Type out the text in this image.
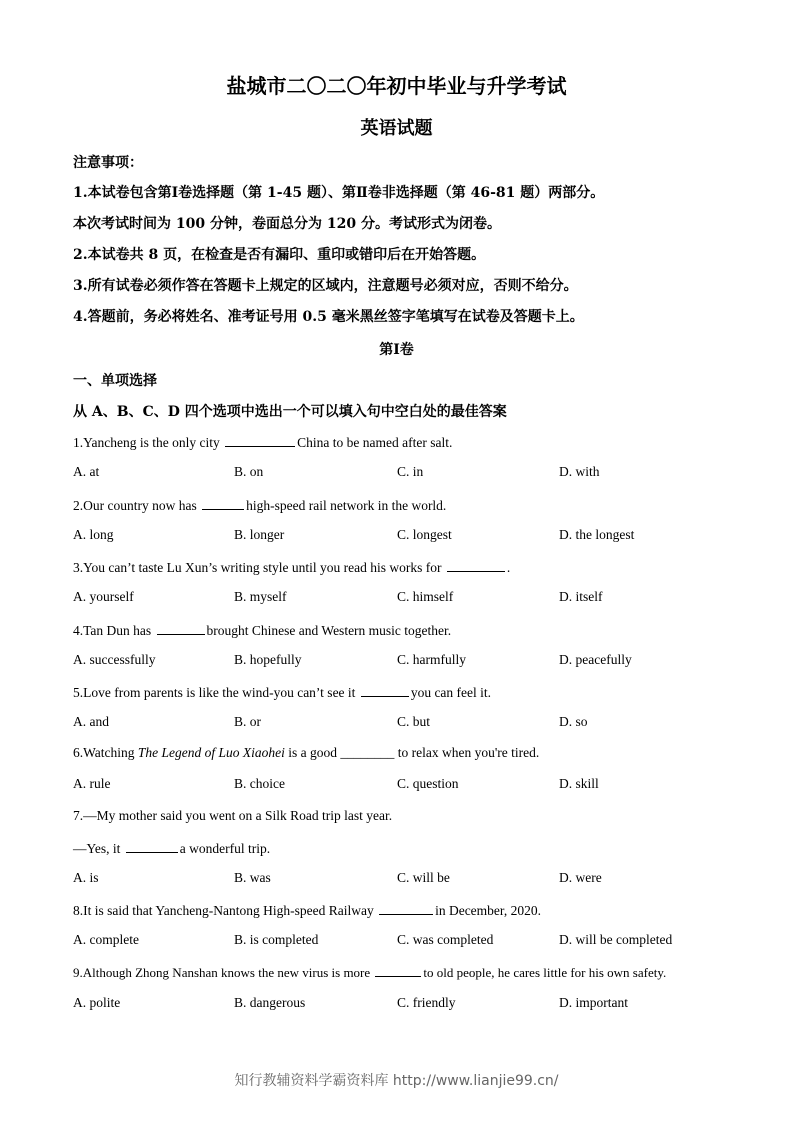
盐城市二〇二〇年初中毕业与升学考试
英语试题
注意事项：
1.本试卷包含第Ⅰ卷选择题（第 1-45 题）、第Ⅱ卷非选择题（第 46-81 题）两部分。
本次考试时间为 100 分钟，卷面总分为 120 分。考试形式为闭卷。
2.本试卷共 8 页，在检查是否有漏印、重印或错印后在开始答题。
3.所有试卷必须作答在答题卡上规定的区域内，注意题号必须对应，否则不给分。
4.答题前，务必将姓名、准考证号用 0.5 毫米黑丝签字笔填写在试卷及答题卡上。
第Ⅰ卷
一、单项选择
从 A、B、C、D 四个选项中选出一个可以填入句中空白处的最佳答案
1.Yancheng is the only city	China to be named after salt.
A. at	B. on	C. in	D. with
2.Our country now has	high-speed rail network in the world.
A. long	B. longer	C. longest	D. the longest
3.You can’t taste Lu Xun’s writing style until you read his works for	.
A. yourself	B. myself	C. himself	D. itself
4.Tan Dun has	brought Chinese and Western music together.
A. successfully	B. hopefully	C. harmfully	D. peacefully
5.Love from parents is like the wind-you can’t see it	you can feel it.
A. and	B. or	C. but	D. so
6.Watching The Legend of Luo Xiaohei is a good ________ to relax when you're tired.
A. rule	B. choice	C. question	D. skill
7.—My mother said you went on a Silk Road trip last year.
—Yes, it	a wonderful trip.
A. is	B. was	C. will be	D. were
8.It is said that Yancheng-Nantong High-speed Railway	in December, 2020.
A. complete	B. is completed	C. was completed	D. will be completed
9.Although Zhong Nanshan knows the new virus is more	to old people, he cares little for his own safety.
A. polite	B. dangerous	C. friendly	D. important
知行教辅资料学霸资料库 http://www.lianjie99.cn/
